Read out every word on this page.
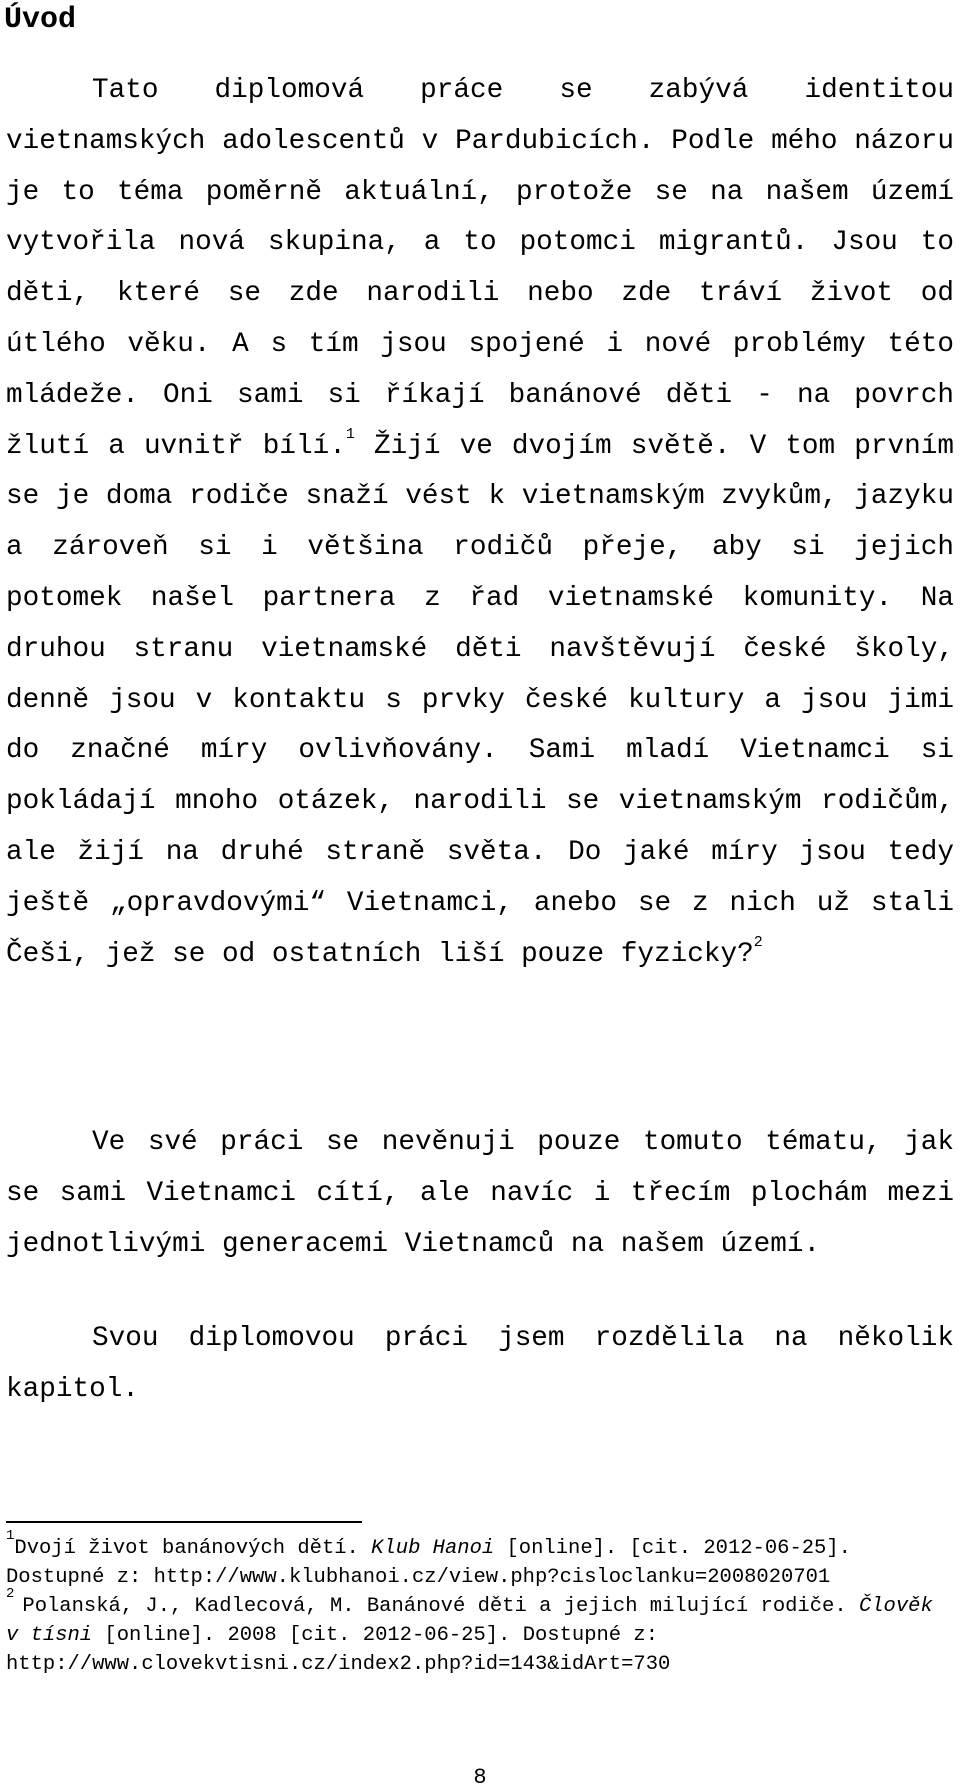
Úvod

Tato diplomová práce se zabývá identitou vietnamských adolescentů v Pardubicích. Podle mého názoru je to téma poměrně aktuální, protože se na našem území vytvořila nová skupina, a to potomci migrantů. Jsou to děti, které se zde narodili nebo zde tráví život od útlého věku. A s tím jsou spojené i nové problémy této mládeže. Oni sami si říkají banánové děti - na povrch žlutí a uvnitř bílí.$^1$ Žijí ve dvojím světě. V tom prvním se je doma rodiče snaží vést k vietnamským zvykům, jazyku a zároveň si i většina rodičů přeje, aby si jejich potomek našel partnera z řad vietnamské komunity. Na druhou stranu vietnamské děti navštěvují české školy, denně jsou v kontaktu s prvky české kultury a jsou jimi do značné míry ovlivňovány. Sami mladí Vietnamci si pokládají mnoho otázek, narodili se vietnamským rodičům, ale žijí na druhé straně světa. Do jaké míry jsou tedy ještě „opravdovými“ Vietnamci, anebo se z nich už stali Češi, jež se od ostatních liší pouze fyzicky?$^2$

Ve své práci se nevěnuji pouze tomuto tématu, jak se sami Vietnamci cítí, ale navíc i třecím plochám mezi jednotlivými generacemi Vietnamců na našem území.

Svou diplomovou práci jsem rozdělila na několik kapitol.

$^1$Dvojí život banánových dětí. Klub Hanoi [online]. [cit. 2012-06-25]. Dostupné z: http://www.klubhanoi.cz/view.php?cisloclanku=2008020701

$^2$Polanská, J., Kadlecová, M. Banánové děti a jejich milující rodiče. Člověk v tísni [online]. 2008 [cit. 2012-06-25]. Dostupné z: http://www.clovekvtisni.cz/index2.php?id=143&idArt=730

8
